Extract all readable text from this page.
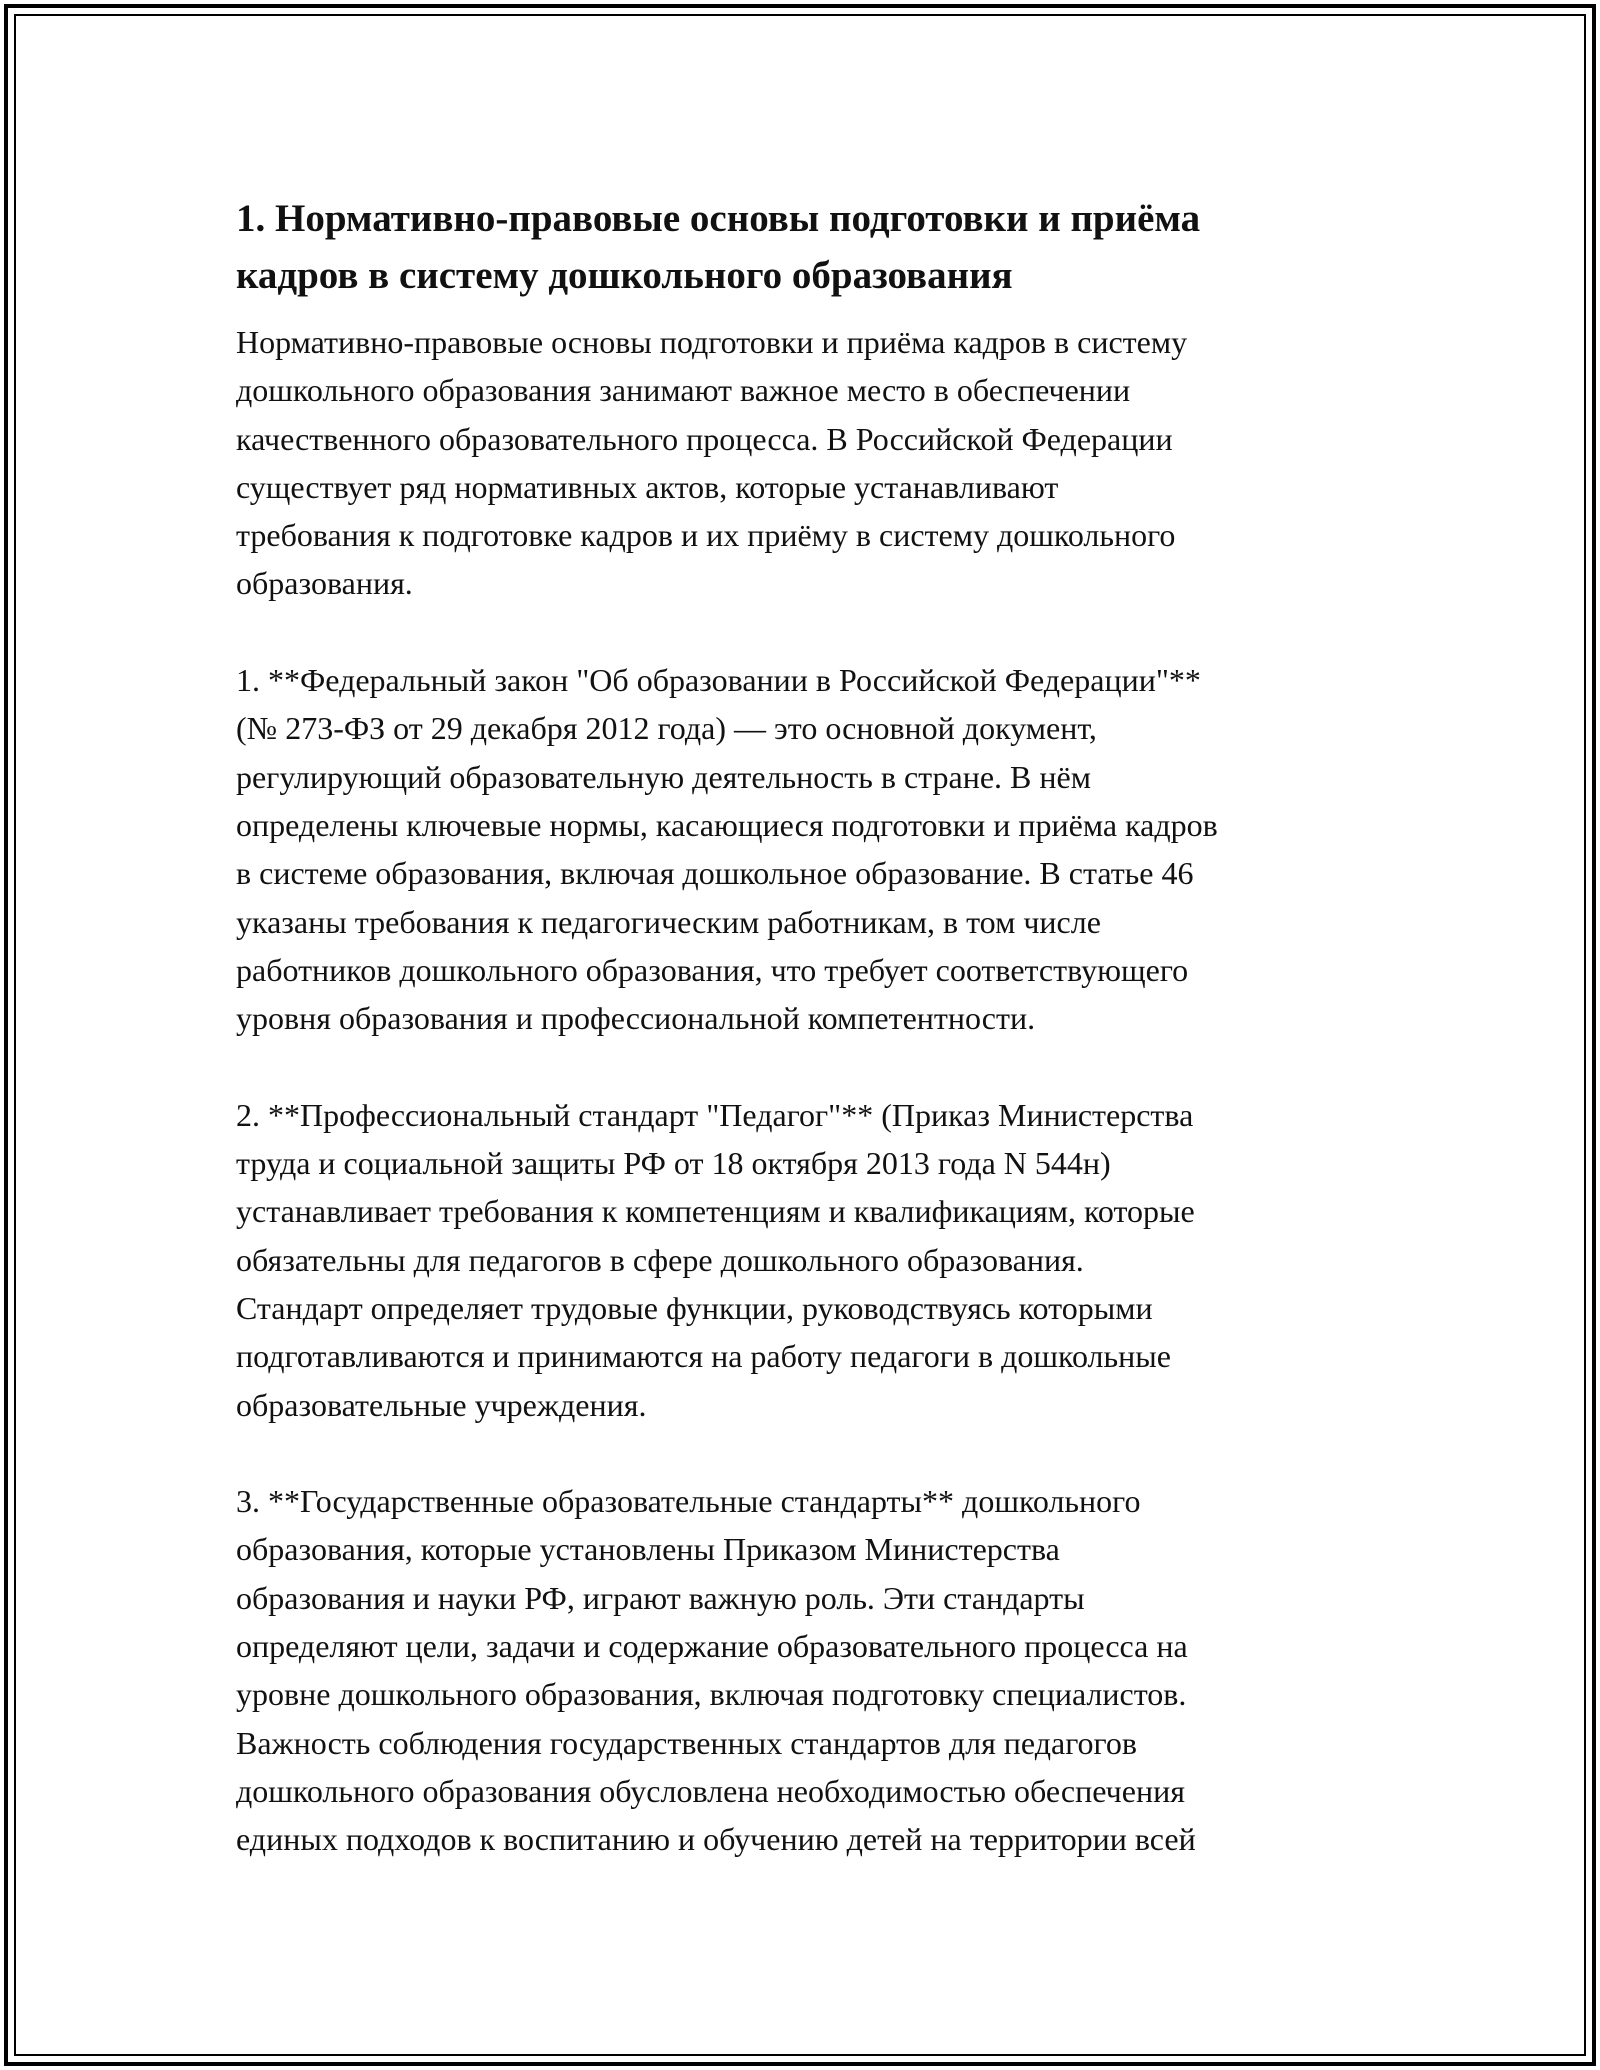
1. Нормативно-правовые основы подготовки и приёма
кадров в систему дошкольного образования

Нормативно-правовые основы подготовки и приёма кадров в систему
дошкольного образования занимают важное место в обеспечении
качественного образовательного процесса. В Российской Федерации
существует ряд нормативных актов, которые устанавливают
требования к подготовке кадров и их приёму в систему дошкольного
образования.

1. **Федеральный закон "Об образовании в Российской Федерации"**
(№ 273-ФЗ от 29 декабря 2012 года) — это основной документ,
регулирующий образовательную деятельность в стране. В нём
определены ключевые нормы, касающиеся подготовки и приёма кадров
в системе образования, включая дошкольное образование. В статье 46
указаны требования к педагогическим работникам, в том числе
работников дошкольного образования, что требует соответствующего
уровня образования и профессиональной компетентности.

2. **Профессиональный стандарт "Педагог"** (Приказ Министерства
труда и социальной защиты РФ от 18 октября 2013 года N 544н)
устанавливает требования к компетенциям и квалификациям, которые
обязательны для педагогов в сфере дошкольного образования.
Стандарт определяет трудовые функции, руководствуясь которыми
подготавливаются и принимаются на работу педагоги в дошкольные
образовательные учреждения.

3. **Государственные образовательные стандарты** дошкольного
образования, которые установлены Приказом Министерства
образования и науки РФ, играют важную роль. Эти стандарты
определяют цели, задачи и содержание образовательного процесса на
уровне дошкольного образования, включая подготовку специалистов.
Важность соблюдения государственных стандартов для педагогов
дошкольного образования обусловлена необходимостью обеспечения
единых подходов к воспитанию и обучению детей на территории всей
